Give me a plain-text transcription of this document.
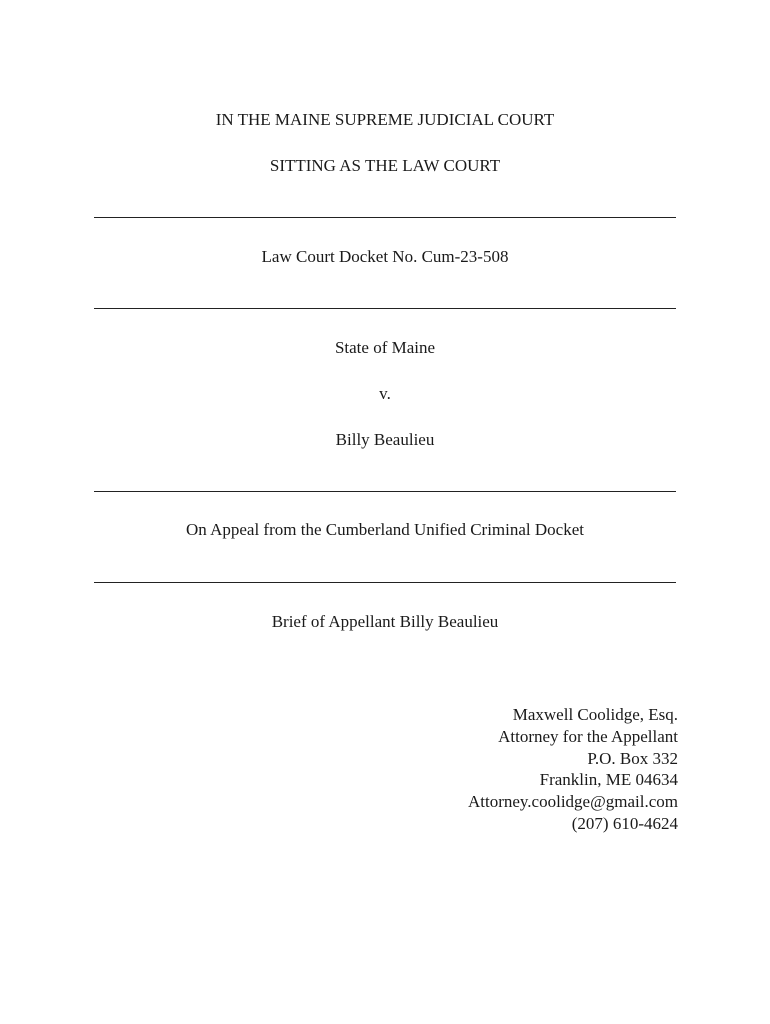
IN THE MAINE SUPREME JUDICIAL COURT
SITTING AS THE LAW COURT
Law Court Docket No. Cum-23-508
State of Maine
v.
Billy Beaulieu
On Appeal from the Cumberland Unified Criminal Docket
Brief of Appellant Billy Beaulieu
Maxwell Coolidge, Esq.
Attorney for the Appellant
P.O. Box 332
Franklin, ME 04634
Attorney.coolidge@gmail.com
(207) 610-4624
